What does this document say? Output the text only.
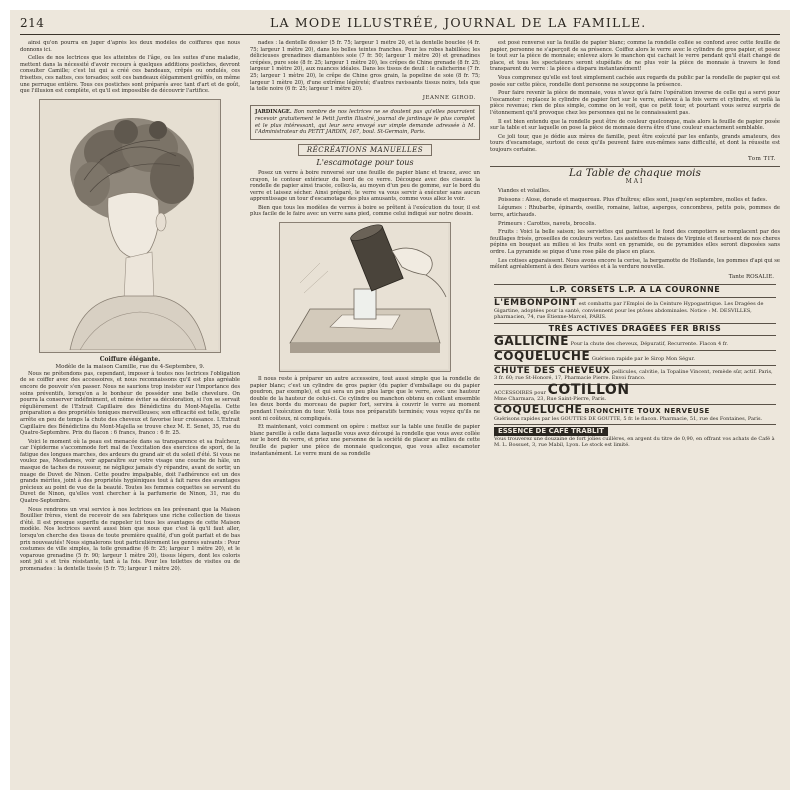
214	LA MODE ILLUSTRÉE, JOURNAL DE LA FAMILLE.
ainsi qu'on pourra en juger d'après les deux modèles de coiffures que nous donnons ici.
Celles de nos lectrices que les atteintes de l'âge, ou les suites d'une maladie, mettent dans la nécessité d'avoir recours à quelques additions postiches, devront consulter Camille; c'est lui qui a créé ces bandeaux, crêpés ou ondulés, ces frisettes, ces nattes, ces torsades; soit ces bandeaux élégamment gréffés, on même une perruque entière. Tous ces postiches sont préparés avec tant d'art et de goût, que l'illusion est complète, et qu'il est impossible de découvrir l'artifice.
Coiffure élégante.
Modèle de la maison Camille, rue du 4-Septembre, 9.
Nous ne prétendons pas, cependant, imposer à toutes nos lectrices l'obligation de se coiffer avec des accessoires, et nous reconnaissons qu'il est plus agréable encore de pouvoir s'en passer. Nous ne saurions trop insister sur l'importance des soins préventifs, lorsqu'on a le bonheur de posséder une belle chevelure. On pourra la conserver indéfiniment, et même éviter sa décoloration, si l'on se servait régulièrement de l'Extrait Capillaire des Bénédictins du Mont-Majella. Cette préparation a des propriétés toniques merveilleuses; son efficacité est telle, qu'elle arrête en peu de temps la chute des cheveux et favorise leur croissance. L'Extrait Capillaire des Bénédictins du Mont-Majella se trouve chez M. E. Senet, 35, rue du Quatre-Septembre. Prix du flacon : 6 francs, franco : 6 fr. 25.
Voici le moment où la peau est menacée dans sa transparence et sa fraîcheur, car l'épiderme s'accommode fort mal de l'excitation des exercices de sport, de la fatigue des longues marches, des ardeurs du grand air et du soleil d'été. Si vous ne voulez pas, Mesdames, voir apparaître sur votre visage une couche de hâle, un masque de taches de rousseur, ne négligez jamais d'y répandre, avant de sortir, un nuage de Duvet de Ninon. Cette poudre impalpable, doit l'adhérence est un des grands mérites, joint à des propriétés hygiéniques tout à fait rares des avantages précieux au point de vue de la beauté. Toutes les femmes coquettes se servent du Duvet de Ninon, qu'elles vont chercher à la parfumerie de Ninon, 31, rue du Quatre-Septembre.
Nous rendrons un vrai service à nos lectrices en les prévenant que la Maison Bouillier frères, vient de recevoir de ses fabriques une riche collection de tissus d'été. Il est presque superflu de rappeler ici tous les avantages de cette Maison modèle. Nos lectrices savent aussi bien que nous que c'est là qu'il faut aller, lorsqu'on cherche des tissus de toute première qualité, d'un goût parfait et de bas prix nouveautés! Nous signalerons tout particulièrement les genres suivants : Pour costumes de ville simples, la toile grenadine (6 fr. 25; largeur 1 mètre 20), et le voparoue grenadine (5 fr. 90; largeur 1 mètre 20), tissus légers, dont les coloris sont joli s et très résistante, tant à la fois. Pour les toilettes de visites ou de promenades : la dentelle tissée (5 fr. 75; largeur 1 mètre 20).
nades : la dentelle dossier (5 fr. 75; largeur 1 mètre 20, et la dentelle bouclée (4 fr. 75; largeur 1 mètre 20), dans les belles teintes franches. Pour les robes habillées; les délicieuses grenadines diamantées soie (7 fr. 50; largeur 1 mètre 20) et grenadines crépées, pure soie (8 fr. 25; largeur 1 mètre 20), les crêpes de Chine grenade (8 fr. 25; largeur 1 mètre 20), aux nuances idéales. Dans les tissus de deuil : le calicherine (7 fr. 25; largeur 1 mètre 20), le crêpe de Chine gros grain, la popeline de soie (8 fr. 75; largeur 1 mètre 20), d'une extrême légèreté; d'autres ravissants tissus noirs, tels que la toile noire (6 fr. 25; largeur 1 mètre 20).
JEANNE GIROD.
JARDINAGE. Bon nombre de nos lectrices ne se doutent pas qu'elles pourraient recevoir gratuitement le Petit Jardin Illustré, journal de jardinage le plus complet et le plus intéressant, qui leur sera envoyé sur simple demande adressée à M. l'Administrateur du PETIT JARDIN, 167, boul. St-Germain, Paris.
RÉCRÉATIONS MANUELLES
L'escamotage pour tous
Posez un verre à boire renversé sur une feuille de papier blanc et tracez, avec un crayon, le contour extérieur du bord de ce verre. Découpez avec des ciseaux la rondelle de papier ainsi tracée, collez-la, au moyen d'un peu de gomme, sur le bord du verre et laissez sécher. Ainsi préparé, le verre va vous servir à exécuter sans aucun apprentissage un tour d'escamotage des plus amusants, comme vous allez le voir.
Bien que tous les modèles de verres à boire se prêtent à l'exécution du tour, il est plus facile de le faire avec un verre sans pied, comme celui indiqué sur notre dessin.
Il nous reste à préparer un autre accessoire, tout aussi simple que la rondelle de papier blanc; c'est un cylindre de gros papier (du papier d'emballage ou du papier goudron, par exemple), et qui sera un peu plus large que le verre, avec une hauteur double de la hauteur de celui-ci. Ce cylindre ou manchon obtenu en collant ensemble les deux bords du morceau de papier fort, servira à couvrir le verre au moment pendant l'exécution du tour. Voilà tous nos préparatifs terminés; vous voyez qu'ils ne sont ni coûteux, ni compliqués.
Et maintenant, voici comment on opère : mettez sur la table une feuille de papier blanc pareille à celle dans laquelle vous avez découpé la rondelle que vous avez collée sur le bord du verre, et priez une personne de la société de placer au milieu de cette feuille de papier une pièce de monnaie quelconque, que vous allez escamoter instantanément. Le verre muni de sa rondelle
est posé renversé sur la feuille de papier blanc; comme la rondelle collée se confond avec cette feuille de papier, personne ne s'aperçoit de sa présence. Coiffez alors le verre avec le cylindre de gros papier, et posez le tout sur la pièce de monnaie; enlevez alors le manchon qui cachait le verre pendant qu'il était changé de place, et tous les spectateurs seront stupéfaits de ne plus voir la pièce de monnaie à travers le fond transparent du verre : la pièce a disparu instantanément!
Vous comprenez qu'elle est tout simplement cachée aux regards du public par la rondelle de papier qui est posée sur cette pièce, rondelle dont personne ne soupçonne la présence.
Pour faire revenir la pièce de monnaie, vous n'avez qu'à faire l'opération inverse de celle qui a servi pour l'escamoter : replacez le cylindre de papier fort sur le verre, enlevez à la fois verre et cylindre, et voilà la pièce revenue; rien de plus simple, comme on le voit, que ce petit tour, et pourtant vous serez surpris de l'étonnement qu'il provoque chez les personnes qui ne le connaissaient pas.
Il est bien entendu que la rondelle peut être de couleur quelconque, mais alors la feuille de papier posée sur la table et sur laquelle on pose la pièce de monnaie devra être d'une couleur exactement semblable.
Ce joli tour, que je dédie aux mères de famille, peut être exécuté par les enfants, grands amateurs, des tours d'escamotage, surtout de ceux qu'ils peuvent faire eux-mêmes sans difficulté, et dont la réussite est toujours certaine.
Tom TIT.
La Table de chaque mois
MAI
Viandes et volailles.
Poissons : Alose, dorade et maquereau. Plus d'huîtres; elles sont, jusqu'en septembre, molles et fades.
Légumes : Rhubarbe, épinards, oseille, romaine, laitue, asperges, concombres, petits pois, pommes de terre, artichauds.
Primeurs : Carottes, navets, brocolis.
Fruits : Voici la belle saison; les serviettes qui garnissent le fond des compotiers se remplacent par des feuillages frisés, groseilles de couleurs vertes. Les assiettes de fraises de Virginie et fleurissent de nos cheres pépins en bouquet au milieu si les fruits sont en pyramide, ou de pyramides elles seront disposées sans ordre. La pyramide se pique d'une rose pâle de place en place.
Les cotises apparaissent. Nous avons encore la cerise, la bergamotte de Hollande, les pommes d'api qui se mêlent agréablement à des fleurs variées et à la verdure nouvelle.
Tante ROSALIE.
L.P. CORSETS L.P. A LA COURONNE
L'EMBONPOINT est combattu par l'Emploi de la Ceinture Hypogastrique. Les Dragées de Gigartine, adoptées pour la santé, conviennent pour les ptôses abdominales. Notice : M. DESVILLES, pharmacien, 74, rue Étienne-Marcel, PARIS.
TRÈS ACTIVES DRAGÉES FER BRISS
GALLICINE Pour la chute des cheveux, Dépuratif, Recurrente. Flacon 4 fr.
COQUELUCHE Guérison rapide par le Sirop Mon Ségur.
CHUTE DES CHEVEUX pellicules, calvitie, la Topaline Vincent, remède sûr, actif. Paris, 3 fr. 60; rue St-Honoré, 17, Pharmacie Pierre. Envoi franco.
ACCESSOIRES pour COTILLON
Mme Charmara, 23, Rue Saint-Pierre, Paris.
COQUELUCHE BRONCHITE TOUX NERVEUSE
Guérisons rapides par les GOUTTES DE GOUTTE, 5 fr. le flacon. Pharmacie, 51, rue des Fontaines, Paris.
ESSENCE DE CAFÉ TRABLIT
Vous trouverez une douzaine de fort jolies cuillères, en argent du titre de 0,90, en offrant vos achats de Café à M. L. Bossuet, 3, rue Mabil, Lyon. Le stock est limité.
